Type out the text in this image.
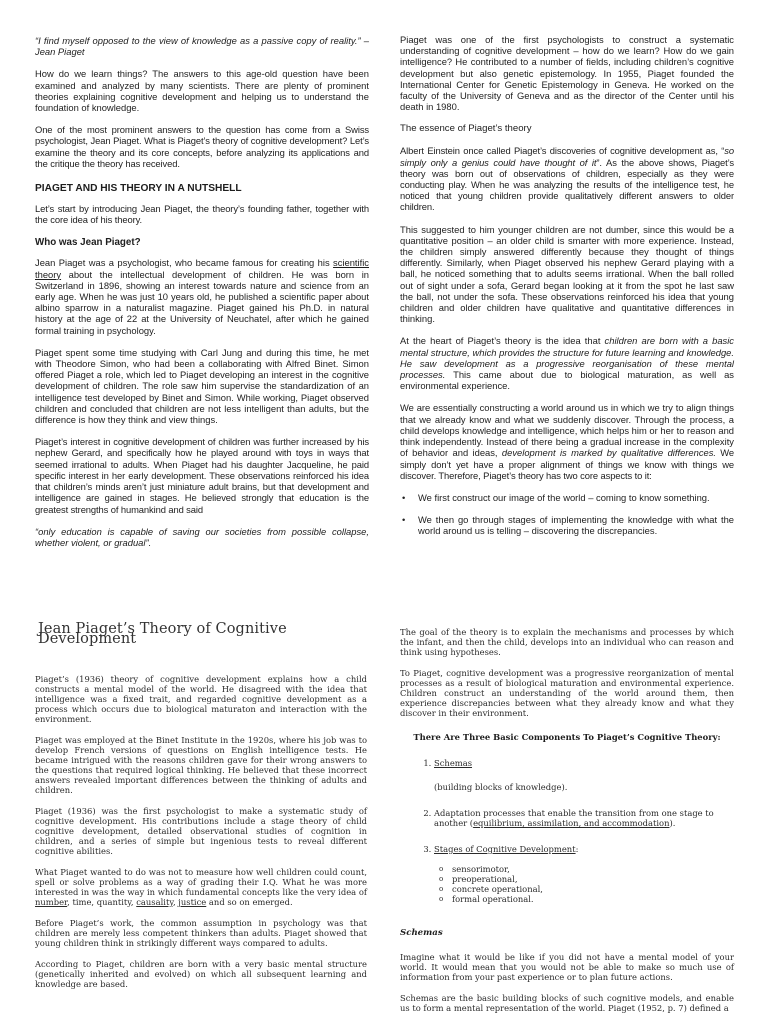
“I find myself opposed to the view of knowledge as a passive copy of reality.” – Jean Piaget

How do we learn things? The answers to this age-old question have been examined and analyzed by many scientists. There are plenty of prominent theories explaining cognitive development and helping us to understand the foundation of knowledge.

One of the most prominent answers to the question has come from a Swiss psychologist, Jean Piaget. What is Piaget’s theory of cognitive development? Let’s examine the theory and its core concepts, before analyzing its applications and the critique the theory has received.

PIAGET AND HIS THEORY IN A NUTSHELL

Let’s start by introducing Jean Piaget, the theory’s founding father, together with the core idea of his theory.

Who was Jean Piaget?

Jean Piaget was a psychologist, who became famous for creating his scientific theory about the intellectual development of children. He was born in Switzerland in 1896, showing an interest towards nature and science from an early age. When he was just 10 years old, he published a scientific paper about albino sparrow in a naturalist magazine. Piaget gained his Ph.D. in natural history at the age of 22 at the University of Neuchatel, after which he gained formal training in psychology.

Piaget spent some time studying with Carl Jung and during this time, he met with Theodore Simon, who had been a collaborating with Alfred Binet. Simon offered Piaget a role, which led to Piaget developing an interest in the cognitive development of children. The role saw him supervise the standardization of an intelligence test developed by Binet and Simon. While working, Piaget observed children and concluded that children are not less intelligent than adults, but the difference is how they think and view things.

Piaget’s interest in cognitive development of children was further increased by his nephew Gerard, and specifically how he played around with toys in ways that seemed irrational to adults. When Piaget had his daughter Jacqueline, he paid specific interest in her early development. These observations reinforced his idea that children’s minds aren’t just miniature adult brains, but that development and intelligence are gained in stages. He believed strongly that education is the greatest strengths of humankind and said

“only education is capable of saving our societies from possible collapse, whether violent, or gradual”.

Piaget was one of the first psychologists to construct a systematic understanding of cognitive development – how do we learn? How do we gain intelligence? He contributed to a number of fields, including children’s cognitive development but also genetic epistemology. In 1955, Piaget founded the International Center for Genetic Epistemology in Geneva. He worked on the faculty of the University of Geneva and as the director of the Center until his death in 1980.

The essence of Piaget’s theory

Albert Einstein once called Piaget’s discoveries of cognitive development as, “so simply only a genius could have thought of it”. As the above shows, Piaget’s theory was born out of observations of children, especially as they were conducting play. When he was analyzing the results of the intelligence test, he noticed that young children provide qualitatively different answers to older children.

This suggested to him younger children are not dumber, since this would be a quantitative position – an older child is smarter with more experience. Instead, the children simply answered differently because they thought of things differently. Similarly, when Piaget observed his nephew Gerard playing with a ball, he noticed something that to adults seems irrational. When the ball rolled out of sight under a sofa, Gerard began looking at it from the spot he last saw the ball, not under the sofa. These observations reinforced his idea that young children and older children have qualitative and quantitative differences in thinking.

At the heart of Piaget’s theory is the idea that children are born with a basic mental structure, which provides the structure for future learning and knowledge. He saw development as a progressive reorganisation of these mental processes. This came about due to biological maturation, as well as environmental experience.

We are essentially constructing a world around us in which we try to align things that we already know and what we suddenly discover. Through the process, a child develops knowledge and intelligence, which helps him or her to reason and think independently. Instead of there being a gradual increase in the complexity of behavior and ideas, development is marked by qualitative differences. We simply don’t yet have a proper alignment of things we know with things we discover. Therefore, Piaget’s theory has two core aspects to it:

• We first construct our image of the world – coming to know something.
• We then go through stages of implementing the knowledge with what the world around us is telling – discovering the discrepancies.

Jean Piaget’s Theory of Cognitive Development

Piaget’s (1936) theory of cognitive development explains how a child constructs a mental model of the world. He disagreed with the idea that intelligence was a fixed trait, and regarded cognitive development as a process which occurs due to biological maturaton and interaction with the environment.

Piaget was employed at the Binet Institute in the 1920s, where his job was to develop French versions of questions on English intelligence tests. He became intrigued with the reasons children gave for their wrong answers to the questions that required logical thinking. He believed that these incorrect answers revealed important differences between the thinking of adults and children.

Piaget (1936) was the first psychologist to make a systematic study of cognitive development. His contributions include a stage theory of child cognitive development, detailed observational studies of cognition in children, and a series of simple but ingenious tests to reveal different cognitive abilities.

What Piaget wanted to do was not to measure how well children could count, spell or solve problems as a way of grading their I.Q. What he was more interested in was the way in which fundamental concepts like the very idea of number, time, quantity, causality, justice and so on emerged.

Before Piaget’s work, the common assumption in psychology was that children are merely less competent thinkers than adults. Piaget showed that young children think in strikingly different ways compared to adults.

According to Piaget, children are born with a very basic mental structure (genetically inherited and evolved) on which all subsequent learning and knowledge are based.

The goal of the theory is to explain the mechanisms and processes by which the infant, and then the child, develops into an individual who can reason and think using hypotheses.

To Piaget, cognitive development was a progressive reorganization of mental processes as a result of biological maturation and environmental experience. Children construct an understanding of the world around them, then experience discrepancies between what they already know and what they discover in their environment.

There Are Three Basic Components To Piaget’s Cognitive Theory:
1. Schemas
(building blocks of knowledge).
2. Adaptation processes that enable the transition from one stage to another (equilibrium, assimilation, and accommodation).
3. Stages of Cognitive Development:
o sensorimotor,
o preoperational,
o concrete operational,
o formal operational.
Schemas

Imagine what it would be like if you did not have a mental model of your world. It would mean that you would not be able to make so much use of information from your past experience or to plan future actions.

Schemas are the basic building blocks of such cognitive models, and enable us to form a mental representation of the world. Piaget (1952, p. 7) defined a
